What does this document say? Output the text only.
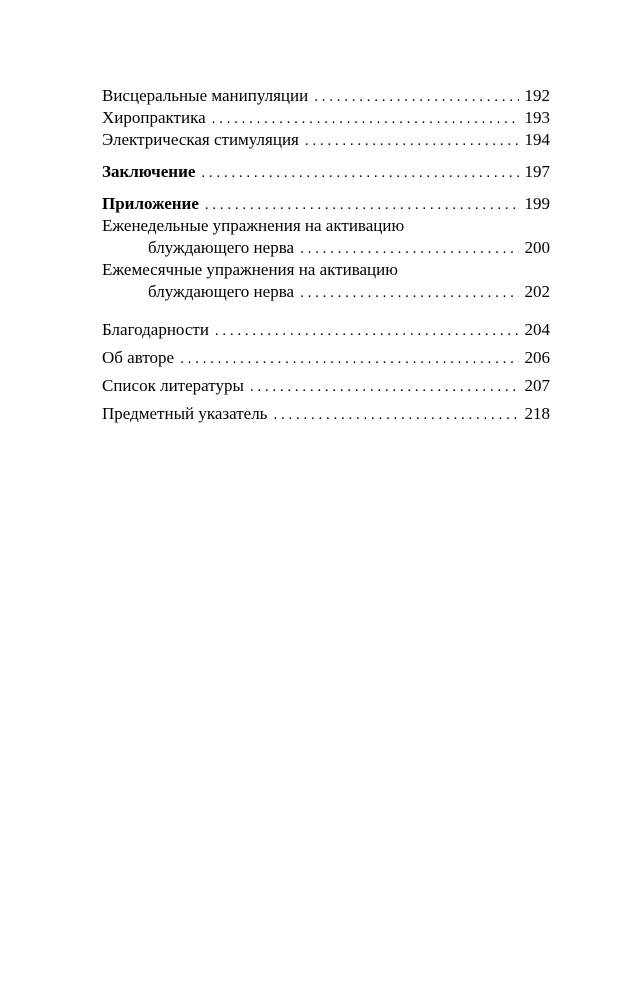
Висцеральные манипуляции . . .	192
Хиропрактика . . .	193
Электрическая стимуляция . . .	194
Заключение . . .	197
Приложение . . .	199
Еженедельные упражнения на активацию
блуждающего нерва . . .	200
Ежемесячные упражнения на активацию
блуждающего нерва . . .	202
Благодарности . . .	204
Об авторе . . .	206
Список литературы . . .	207
Предметный указатель . . .	218
